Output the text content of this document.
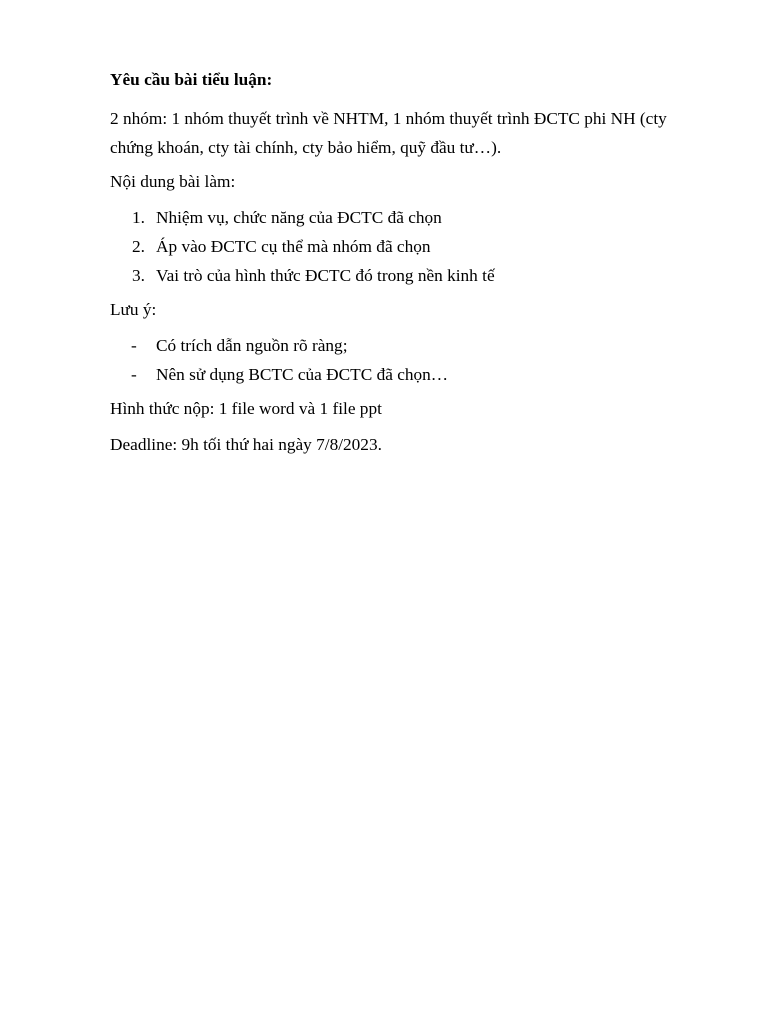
Yêu cầu bài tiểu luận:
2 nhóm: 1 nhóm thuyết trình về NHTM, 1 nhóm thuyết trình ĐCTC phi NH (cty chứng khoán, cty tài chính, cty bảo hiểm, quỹ đầu tư…).
Nội dung bài làm:
1. Nhiệm vụ, chức năng của ĐCTC đã chọn
2. Áp vào ĐCTC cụ thể mà nhóm đã chọn
3. Vai trò của hình thức ĐCTC đó trong nền kinh tế
Lưu ý:
- Có trích dẫn nguồn rõ ràng;
- Nên sử dụng BCTC của ĐCTC đã chọn…
Hình thức nộp: 1 file word và 1 file ppt
Deadline: 9h tối thứ hai ngày 7/8/2023.
